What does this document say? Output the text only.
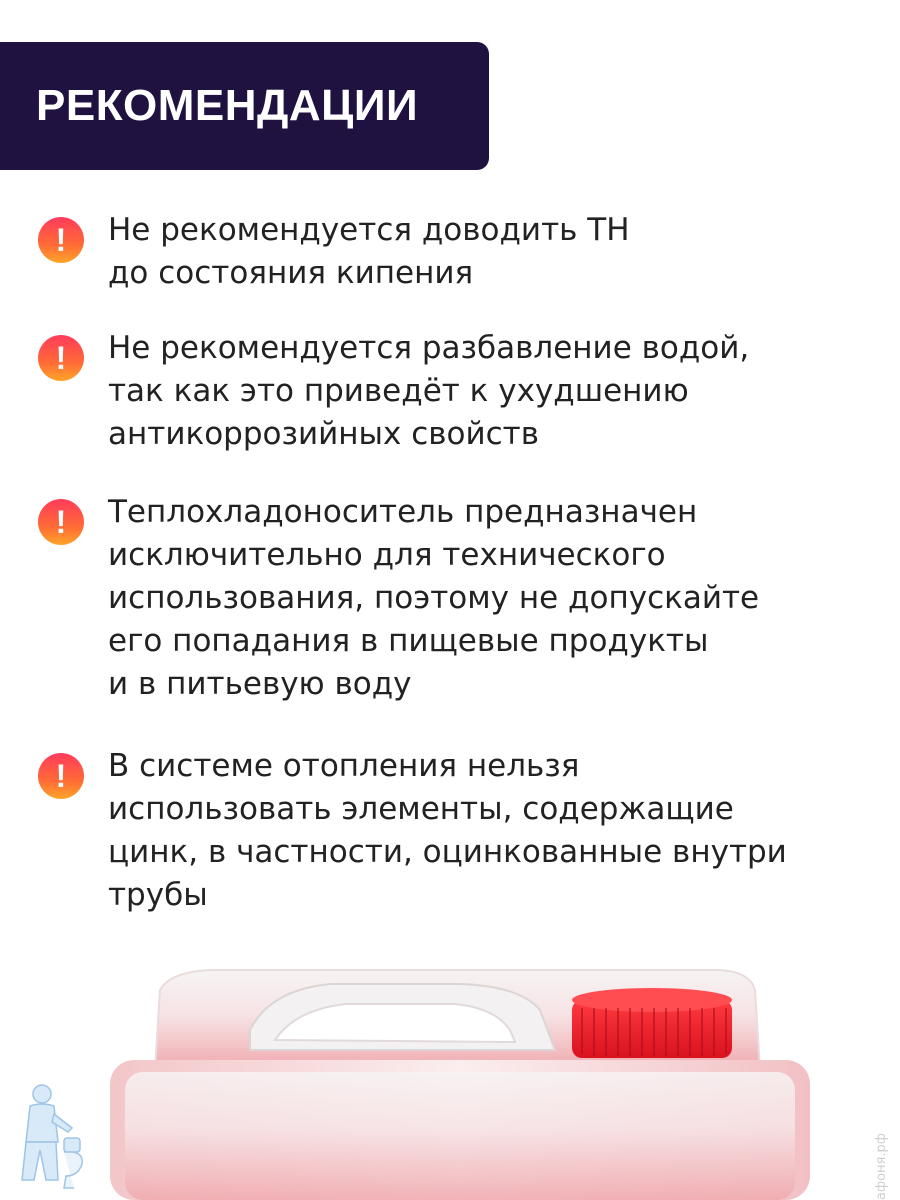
РЕКОМЕНДАЦИИ
!	Не рекомендуется доводить ТН
до состояния кипения
!	Не рекомендуется разбавление водой,
так как это приведёт к ухудшению
антикоррозийных свойств
!	Теплохладоноситель предназначен
исключительно для технического
использования, поэтому не допускайте
его попадания в пищевые продукты
и в питьевую воду
!	В системе отопления нельзя
использовать элементы, содержащие
цинк, в частности, оцинкованные внутри
трубы
афоня.рф
